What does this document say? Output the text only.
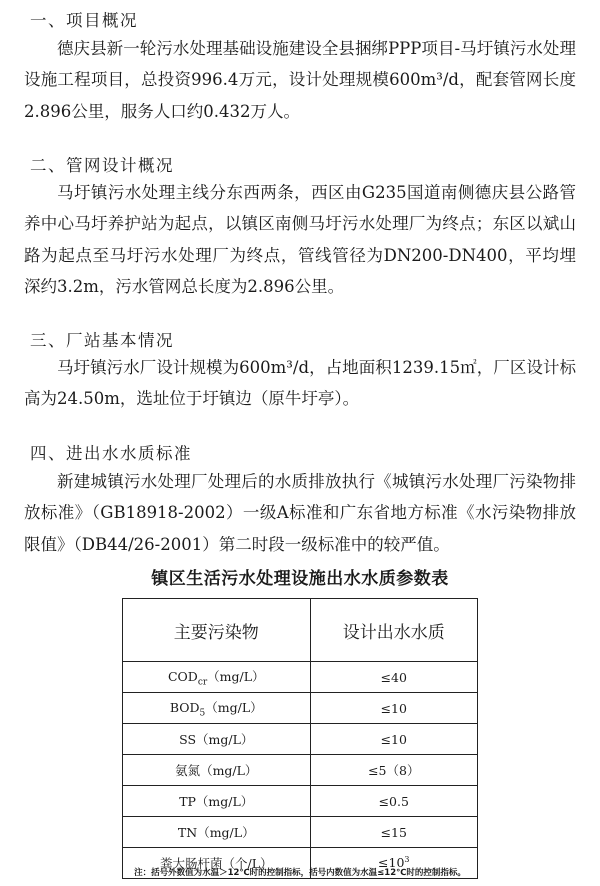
一、项目概况

德庆县新一轮污水处理基础设施建设全县捆绑PPP项目-马圩镇污水处理设施工程项目，总投资996.4万元，设计处理规模600m³/d，配套管网长度2.896公里，服务人口约0.432万人。

二、管网设计概况

马圩镇污水处理主线分东西两条，西区由G235国道南侧德庆县公路管养中心马圩养护站为起点，以镇区南侧马圩污水处理厂为终点；东区以斌山路为起点至马圩污水处理厂为终点，管线管径为DN200-DN400，平均埋深约3.2m，污水管网总长度为2.896公里。

三、厂站基本情况

马圩镇污水厂设计规模为600m³/d，占地面积1239.15㎡，厂区设计标高为24.50m，选址位于圩镇边（原牛圩亭）。

四、进出水水质标准

新建城镇污水处理厂处理后的水质排放执行《城镇污水处理厂污染物排放标准》（GB18918-2002）一级A标准和广东省地方标准《水污染物排放限值》（DB44/26-2001）第二时段一级标准中的较严值。

镇区生活污水处理设施出水水质参数表
主要污染物	设计出水水质
$COD_{cr}(mg/L)$	≤40
$BOD_5(mg/L)$	≤10
SS（mg/L）	≤10
氨氮（mg/L）	≤5（8）
TP（mg/L）	≤0.5
TN（mg/L）	≤15
粪大肠杆菌（个/L）	$\le 10^3$
注：括号外数值为水温＞12℃时的控制指标，括号内数值为水温≤12℃时的控制指标。
